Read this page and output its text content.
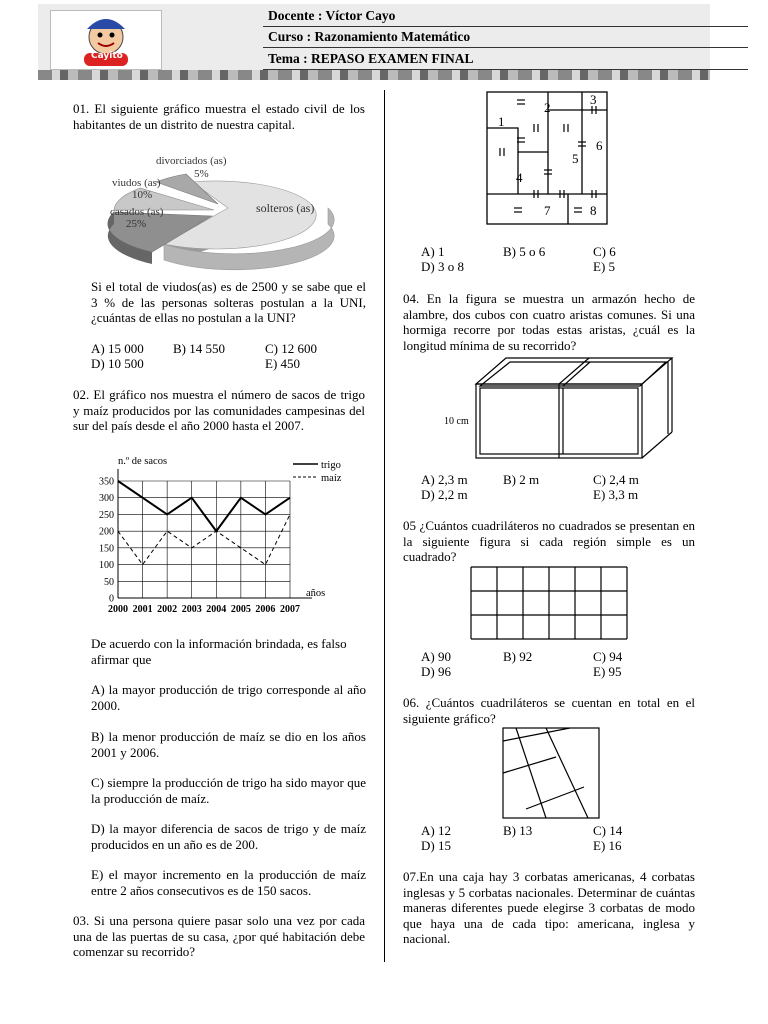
Cayito
Docente : Víctor Cayo
Curso : Razonamiento Matemático
Tema : REPASO EXAMEN FINAL
01. El siguiente gráfico muestra el estado civil de los habitantes de un distrito de nuestra capital.
divorciados (as)
5%
viudos (as)
10%
casados (as)
25%
solteros (as)
Si el total de viudos(as) es de 2500 y se sabe que el 3 % de las personas solteras postulan a la UNI, ¿cuántas de ellas no postulan a la UNI?
A) 15 000 B) 14 550	C) 12 600
D) 10 500	E) 450
02. El gráfico nos muestra el número de sacos de trigo y maíz producidos por las comunidades campesinas del sur del país desde el año 2000 hasta el 2007.
0
50
100
150
200
250
300
350
2000 2001 2002 2003 2004 2005 2006 2007
n.º de sacos	trigo
maíz
años
De acuerdo con la información brindada, es falso afirmar que
A) la mayor producción de trigo corresponde al año 2000.
B) la menor producción de maíz se dio en los años 2001 y 2006.
C) siempre la producción de trigo ha sido mayor que la producción de maíz.
D) la mayor diferencia de sacos de trigo y de maíz producidos en un año es de 200.
E) el mayor incremento en la producción de maíz entre 2 años consecutivos es de 150 sacos.
03. Si una persona quiere pasar solo una vez por cada una de las puertas de su casa, ¿por qué habitación debe comenzar su recorrido?
1
2
3
4
5
6
7	8
A) 1	B) 5 o 6	C) 6
D) 3 o 8	E) 5
04. En la figura se muestra un armazón hecho de alambre, dos cubos con cuatro aristas comunes. Si una hormiga recorre por todas estas aristas, ¿cuál es la longitud mínima de su recorrido?
10 cm
A) 2,3 m	B) 2 m	C) 2,4 m
D) 2,2 m	E) 3,3 m
05 ¿Cuántos cuadriláteros no cuadrados se presentan en la siguiente figura si cada región simple es un cuadrado?
A) 90	B) 92	C) 94
D) 96	E) 95
06. ¿Cuántos cuadriláteros se cuentan en total en el siguiente gráfico?
A) 12	B) 13	C) 14
D) 15	E) 16
07.En una caja hay 3 corbatas americanas, 4 corbatas inglesas y 5 corbatas nacionales. Determinar de cuántas maneras diferentes puede elegirse 3 corbatas de modo que haya una de cada tipo: americana, inglesa y nacional.
